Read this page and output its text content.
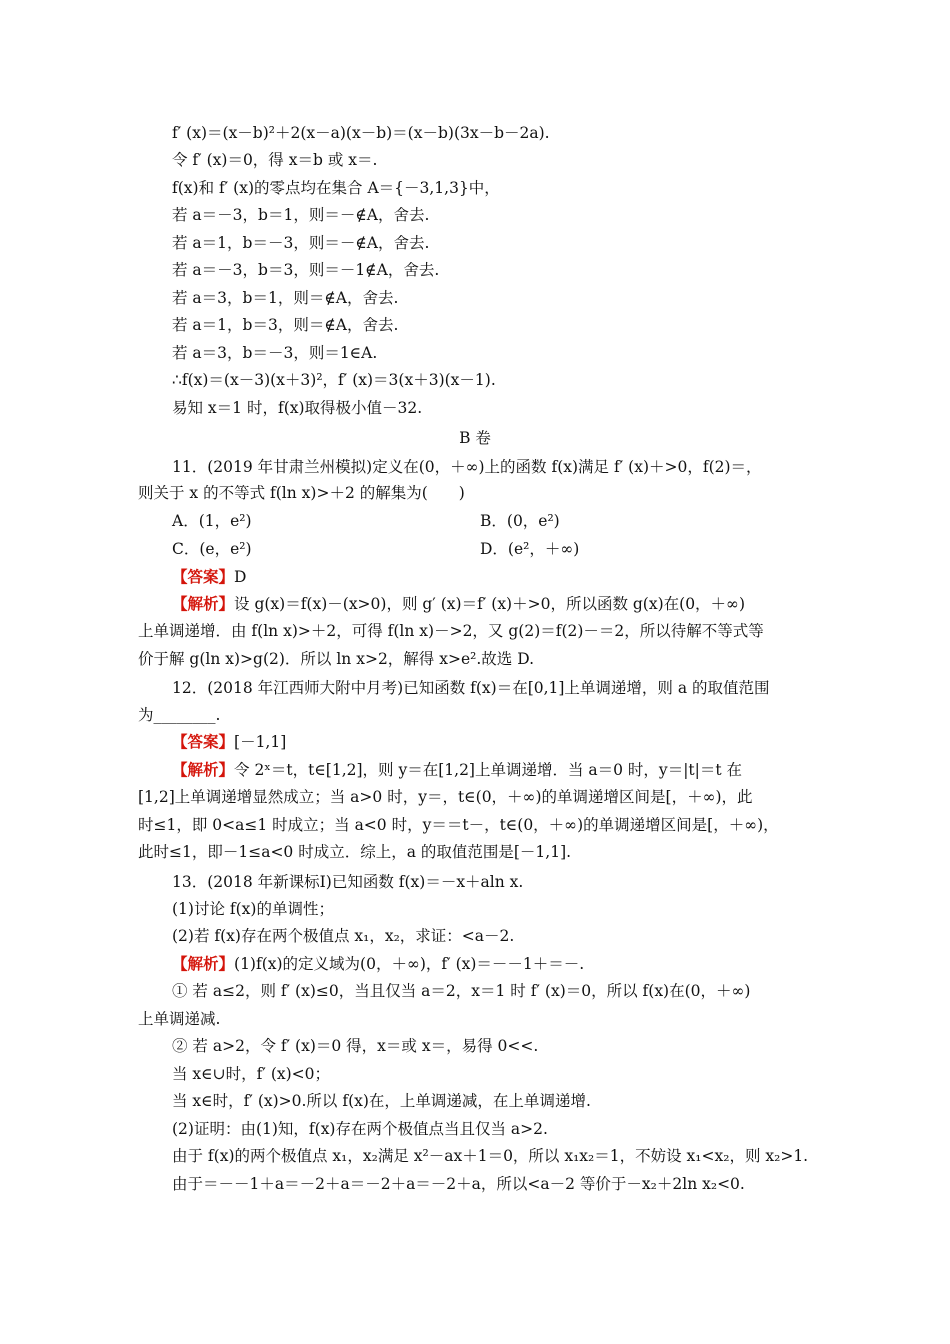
f′ (x)＝(x－b)²＋2(x－a)(x－b)＝(x－b)(3x－b－2a).
令 f′ (x)＝0，得 x＝b 或 x＝.
f(x)和 f′ (x)的零点均在集合 A＝{－3,1,3}中，
若 a＝－3，b＝1，则＝－∉A，舍去.
若 a＝1，b＝－3，则＝－∉A，舍去.
若 a＝－3，b＝3，则＝－1∉A，舍去.
若 a＝3，b＝1，则＝∉A，舍去.
若 a＝1，b＝3，则＝∉A，舍去.
若 a＝3，b＝－3，则＝1∈A.
∴f(x)＝(x－3)(x＋3)²，f′ (x)＝3(x＋3)(x－1).
易知 x＝1 时，f(x)取得极小值－32.
B 卷
11．(2019 年甘肃兰州模拟)定义在(0，＋∞)上的函数 f(x)满足 f′ (x)＋>0，f(2)＝，
则关于 x 的不等式 f(ln x)>＋2 的解集为(　　)
A．(1，e²)	B．(0，e²)
C．(e，e²)	D．(e²，＋∞)
【答案】D
【解析】设 g(x)＝f(x)－(x>0)，则 g′ (x)＝f′ (x)＋>0，所以函数 g(x)在(0，＋∞)
上单调递增．由 f(ln x)>＋2，可得 f(ln x)－>2，又 g(2)＝f(2)－＝2，所以待解不等式等
价于解 g(ln x)>g(2)．所以 ln x>2，解得 x>e².故选 D.
12．(2018 年江西师大附中月考)已知函数 f(x)＝在[0,1]上单调递增，则 a 的取值范围
为________.
【答案】[－1,1]
【解析】令 2ˣ＝t，t∈[1,2]，则 y＝在[1,2]上单调递增．当 a＝0 时，y＝|t|＝t 在
[1,2]上单调递增显然成立；当 a>0 时，y＝，t∈(0，＋∞)的单调递增区间是[，＋∞)，此
时≤1，即 0<a≤1 时成立；当 a<0 时，y＝＝t－，t∈(0，＋∞)的单调递增区间是[，＋∞)，
此时≤1，即－1≤a<0 时成立．综上，a 的取值范围是[－1,1].
13．(2018 年新课标Ⅰ)已知函数 f(x)＝－x＋aln x.
(1)讨论 f(x)的单调性；
(2)若 f(x)存在两个极值点 x₁，x₂，求证：<a－2.
【解析】(1)f(x)的定义域为(0，＋∞)，f′ (x)＝－－1＋＝－.
① 若 a≤2，则 f′ (x)≤0，当且仅当 a＝2，x＝1 时 f′ (x)＝0，所以 f(x)在(0，＋∞)
上单调递减.
② 若 a>2，令 f′ (x)＝0 得，x＝或 x＝，易得 0<<.
当 x∈∪时，f′ (x)<0；
当 x∈时，f′ (x)>0.所以 f(x)在，上单调递减，在上单调递增.
(2)证明：由(1)知，f(x)存在两个极值点当且仅当 a>2.
由于 f(x)的两个极值点 x₁，x₂满足 x²－ax＋1＝0，所以 x₁x₂＝1，不妨设 x₁<x₂，则 x₂>1.
由于＝－－1＋a＝－2＋a＝－2＋a＝－2＋a，所以<a－2 等价于－x₂＋2ln x₂<0.
